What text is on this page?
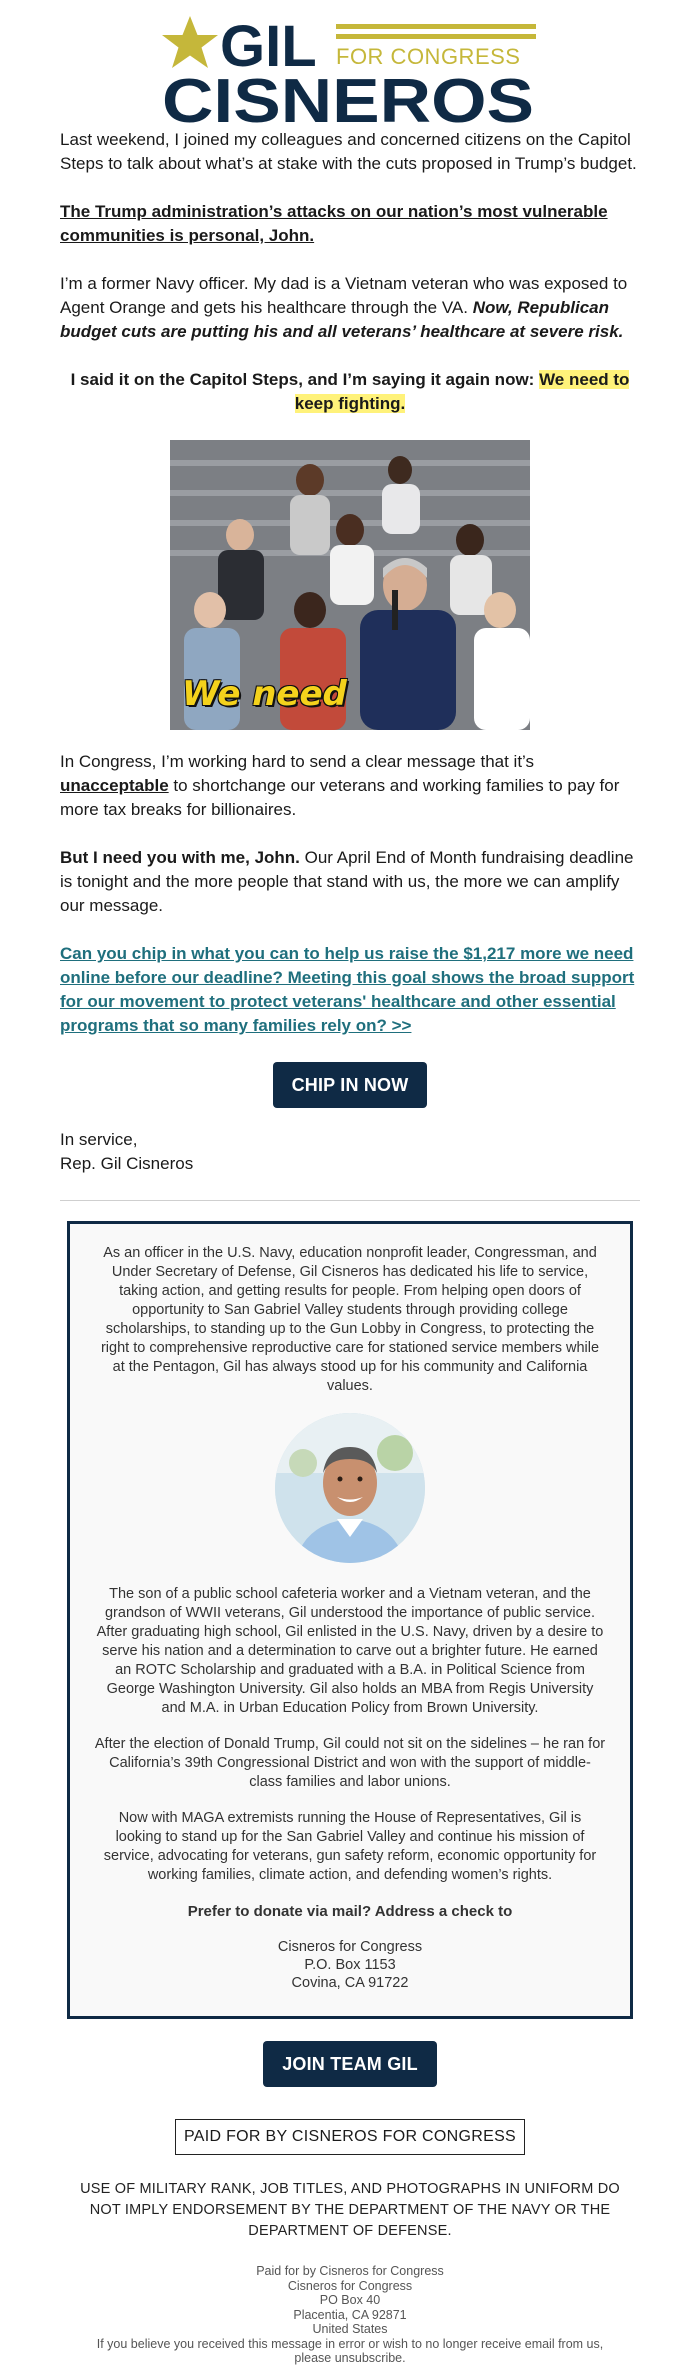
GIL FOR CONGRESS
CISNEROS

Last weekend, I joined my colleagues and concerned citizens on the Capitol Steps to talk about what’s at stake with the cuts proposed in Trump’s budget.

The Trump administration’s attacks on our nation’s most vulnerable communities is personal, John.

I’m a former Navy officer. My dad is a Vietnam veteran who was exposed to Agent Orange and gets his healthcare through the VA. Now, Republican budget cuts are putting his and all veterans’ healthcare at severe risk.

I said it on the Capitol Steps, and I’m saying it again now: We need to keep fighting.

We need

In Congress, I’m working hard to send a clear message that it’s unacceptable to shortchange our veterans and working families to pay for more tax breaks for billionaires.

But I need you with me, John. Our April End of Month fundraising deadline is tonight and the more people that stand with us, the more we can amplify our message.

Can you chip in what you can to help us raise the $1,217 more we need online before our deadline? Meeting this goal shows the broad support for our movement to protect veterans' healthcare and other essential programs that so many families rely on? >>

CHIP IN NOW
In service,
Rep. Gil Cisneros

As an officer in the U.S. Navy, education nonprofit leader, Congressman, and Under Secretary of Defense, Gil Cisneros has dedicated his life to service, taking action, and getting results for people. From helping open doors of opportunity to San Gabriel Valley students through providing college scholarships, to standing up to the Gun Lobby in Congress, to protecting the right to comprehensive reproductive care for stationed service members while at the Pentagon, Gil has always stood up for his community and California values.

The son of a public school cafeteria worker and a Vietnam veteran, and the grandson of WWII veterans, Gil understood the importance of public service. After graduating high school, Gil enlisted in the U.S. Navy, driven by a desire to serve his nation and a determination to carve out a brighter future. He earned an ROTC Scholarship and graduated with a B.A. in Political Science from George Washington University. Gil also holds an MBA from Regis University and M.A. in Urban Education Policy from Brown University.

After the election of Donald Trump, Gil could not sit on the sidelines – he ran for California’s 39th Congressional District and won with the support of middle-class families and labor unions.

Now with MAGA extremists running the House of Representatives, Gil is looking to stand up for the San Gabriel Valley and continue his mission of service, advocating for veterans, gun safety reform, economic opportunity for working families, climate action, and defending women’s rights.

Prefer to donate via mail? Address a check to

Cisneros for Congress
P.O. Box 1153
Covina, CA 91722
JOIN TEAM GIL
PAID FOR BY CISNEROS FOR CONGRESS
USE OF MILITARY RANK, JOB TITLES, AND PHOTOGRAPHS IN UNIFORM DO NOT IMPLY ENDORSEMENT BY THE DEPARTMENT OF THE NAVY OR THE DEPARTMENT OF DEFENSE.
Paid for by Cisneros for Congress
Cisneros for Congress
PO Box 40
Placentia, CA 92871
United States
If you believe you received this message in error or wish to no longer receive email from us, please unsubscribe.
